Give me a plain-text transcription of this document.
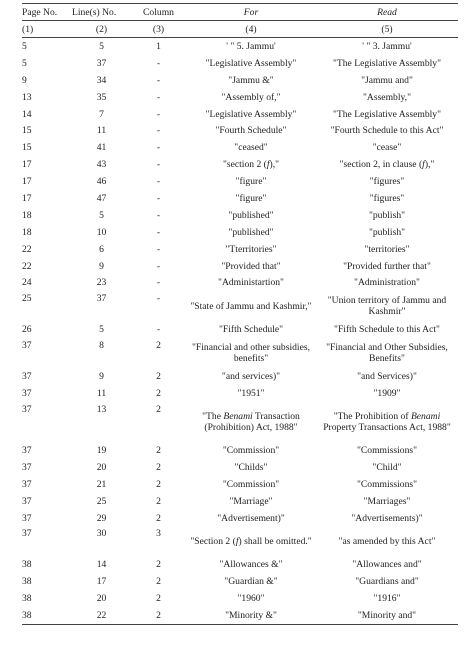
Page No.	Line(s) No.	Column	For	Read
(1)	(2)	(3)	(4)	(5)
5	5	1	' " 5. Jammu'	' " 3. Jammu'
5	37	-	"Legislative Assembly"	"The Legislative Assembly"
9	34	-	"Jammu &"	"Jammu and"
13	35	-	"Assembly of,"	"Assembly,"
14	7	-	"Legislative Assembly"	"The Legislative Assembly"
15	11	-	"Fourth Schedule"	"Fourth Schedule to this Act"
15	41	-	"ceased"	"cease"
17	43	-	"section 2 (f),"	"section 2, in clause (f),"
17	46	-	"figure"	"figures"
17	47	-	"figure"	"figures"
18	5	-	"published"	"publish"
18	10	-	"published"	"publish"
22	6	-	"Tterritories"	"territories"
22	9	-	"Provided that"	"Provided further that"
24	23	-	"Administartion"	"Administration"
25	37	-	"State of Jammu and Kashmir,"	"Union territory of Jammu and Kashmir"
26	5	-	"Fifth Schedule"	"Fifth Schedule to this Act"
37	8	2	"Financial and other subsidies, benefits"	"Financial and Other Subsidies, Benefits"
37	9	2	"and services)"	"and Services)"
37	11	2	"1951"	"1909"
37	13	2	"The Benami Transaction (Prohibition) Act, 1988"	"The Prohibition of Benami Property Transactions Act, 1988"
37	19	2	"Commission"	"Commissions"
37	20	2	"Childs"	"Child"
37	21	2	"Commission"	"Commissions"
37	25	2	"Marriage"	"Marriages"
37	29	2	"Advertisement)"	"Advertisements)"
37	30	3	"Section 2 (f) shall be omitted."	"as amended by this Act"
38	14	2	"Allowances &"	"Allowances and"
38	17	2	"Guardian &"	"Guardians and"
38	20	2	"1960"	"1916"
38	22	2	"Minority &"	"Minority and"
